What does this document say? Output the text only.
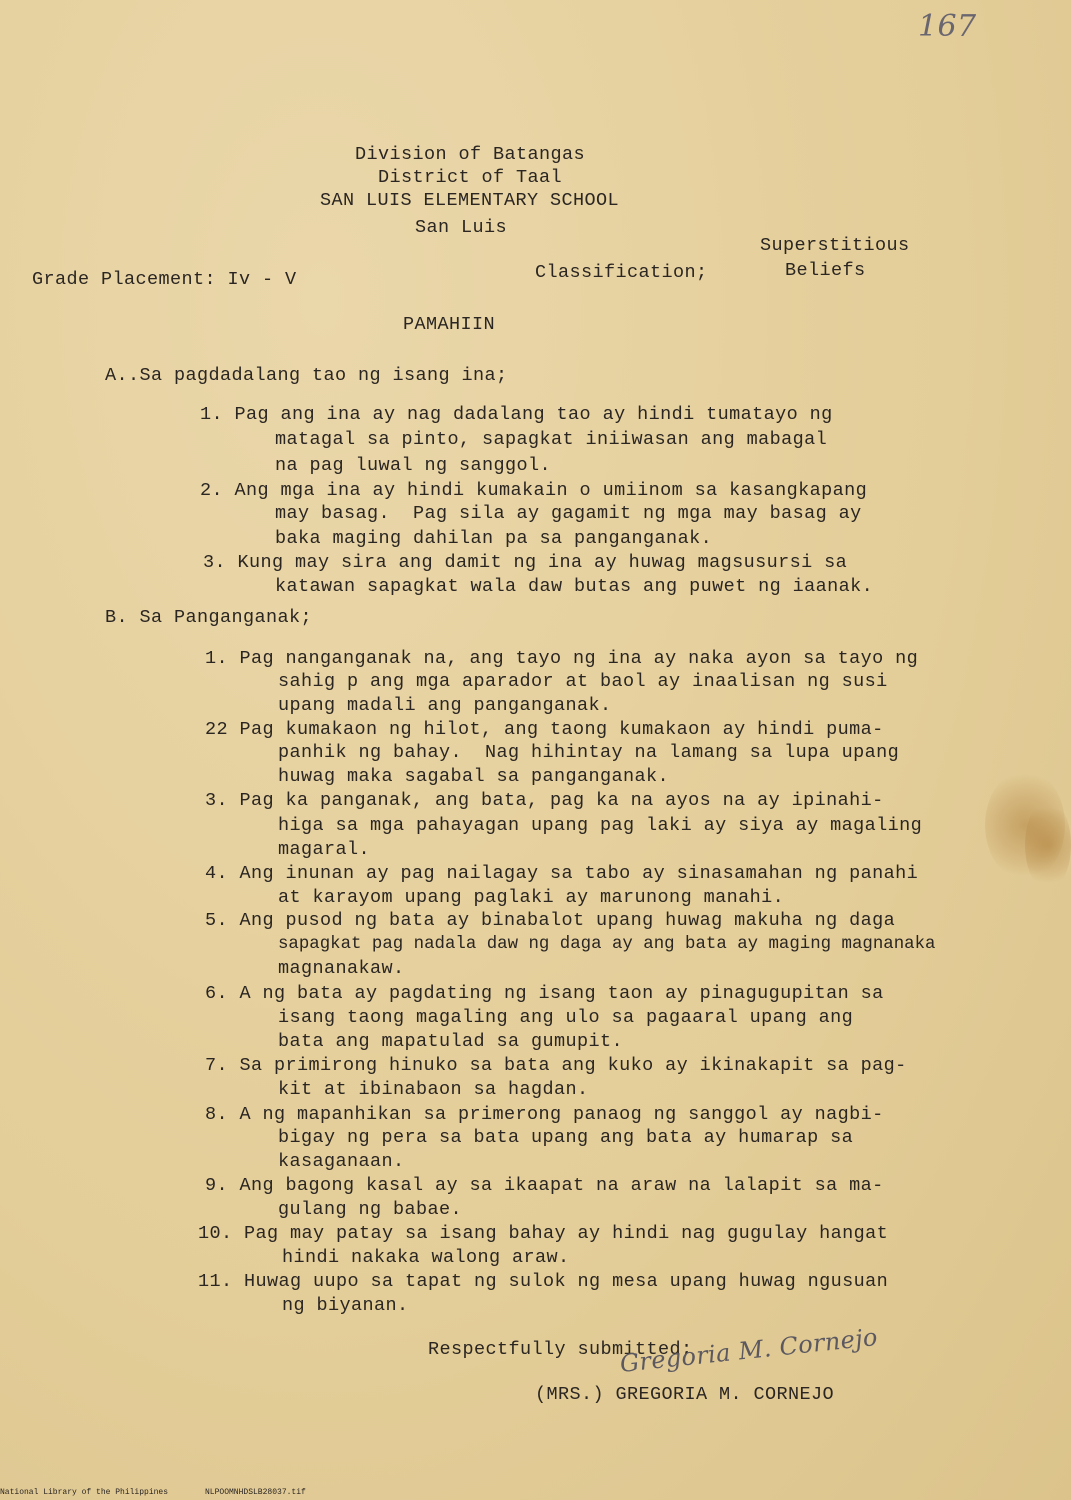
167
Division of Batangas
District of Taal
SAN LUIS ELEMENTARY SCHOOL
San Luis
Superstitious
Grade Placement: Iv - V	Classification;	Beliefs
PAMAHIIN
A..Sa pagdadalang tao ng isang ina;
1. Pag ang ina ay nag dadalang tao ay hindi tumatayo ng
matagal sa pinto, sapagkat iniiwasan ang mabagal
na pag luwal ng sanggol.
2. Ang mga ina ay hindi kumakain o umiinom sa kasangkapang
may basag.  Pag sila ay gagamit ng mga may basag ay
baka maging dahilan pa sa panganganak.
3. Kung may sira ang damit ng ina ay huwag magsusursi sa
katawan sapagkat wala daw butas ang puwet ng iaanak.
B. Sa Panganganak;
1. Pag nanganganak na, ang tayo ng ina ay naka ayon sa tayo ng
sahig p ang mga aparador at baol ay inaalisan ng susi
upang madali ang panganganak.
22 Pag kumakaon ng hilot, ang taong kumakaon ay hindi puma-
panhik ng bahay.  Nag hihintay na lamang sa lupa upang
huwag maka sagabal sa panganganak.
3. Pag ka panganak, ang bata, pag ka na ayos na ay ipinahi-
higa sa mga pahayagan upang pag laki ay siya ay magaling
magaral.
4. Ang inunan ay pag nailagay sa tabo ay sinasamahan ng panahi
at karayom upang paglaki ay marunong manahi.
5. Ang pusod ng bata ay binabalot upang huwag makuha ng daga
sapagkat pag nadala daw ng daga ay ang bata ay maging magnanaka
magnanakaw.
6. A ng bata ay pagdating ng isang taon ay pinagugupitan sa
isang taong magaling ang ulo sa pagaaral upang ang
bata ang mapatulad sa gumupit.
7. Sa primirong hinuko sa bata ang kuko ay ikinakapit sa pag-
kit at ibinabaon sa hagdan.
8. A ng mapanhikan sa primerong panaog ng sanggol ay nagbi-
bigay ng pera sa bata upang ang bata ay humarap sa
kasaganaan.
9. Ang bagong kasal ay sa ikaapat na araw na lalapit sa ma-
gulang ng babae.
10. Pag may patay sa isang bahay ay hindi nag gugulay hangat
hindi nakaka walong araw.
11. Huwag uupo sa tapat ng sulok ng mesa upang huwag ngusuan
ng biyanan.
Respectfully submitted;
Gregoria M. Cornejo
(MRS.) GREGORIA M. CORNEJO
National Library of the Philippines	NLPOOMNHDSLB28037.tif
